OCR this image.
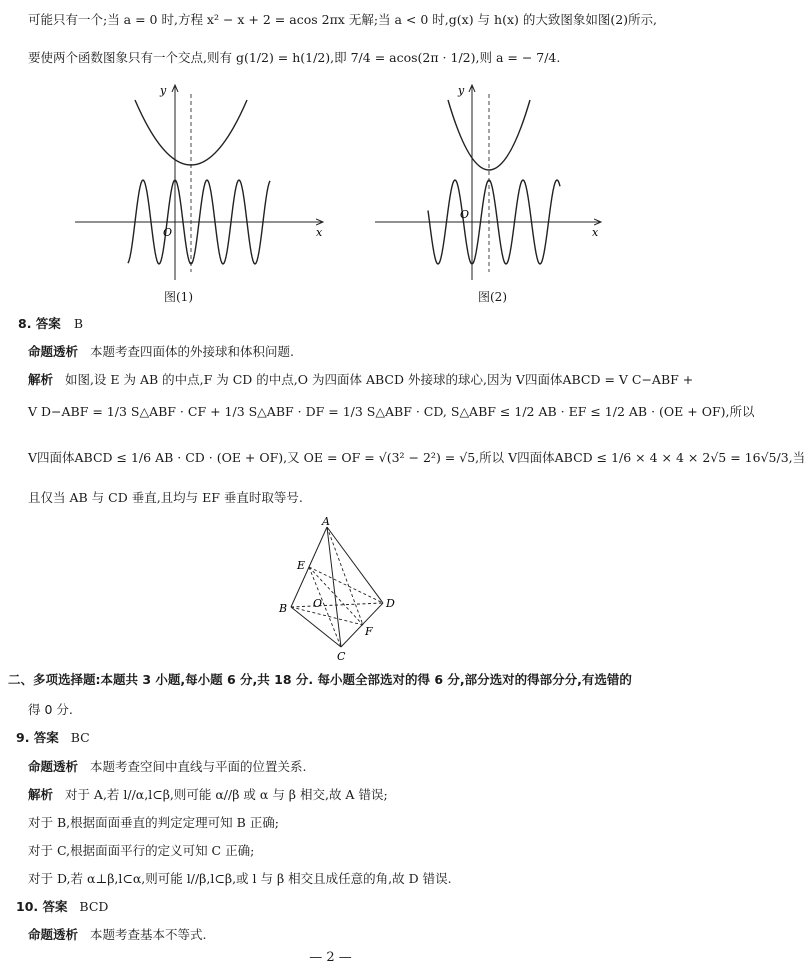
可能只有一个;当 a = 0 时,方程 x² − x + 2 = acos 2πx 无解;当 a < 0 时,g(x) 与 h(x) 的大致图象如图(2)所示,
要使两个函数图象只有一个交点,则有 g(1/2) = h(1/2),即 7/4 = acos(2π · 1/2),则 a = − 7/4.
y
x
O
图(1)
y
x
O
图(2)
8. 答案 B
命题透析 本题考查四面体的外接球和体积问题.
解析 如图,设 E 为 AB 的中点,F 为 CD 的中点,O 为四面体 ABCD 外接球的球心,因为 V四面体ABCD = V C−ABF +
V D−ABF = 1/3 S△ABF · CF + 1/3 S△ABF · DF = 1/3 S△ABF · CD, S△ABF ≤ 1/2 AB · EF ≤ 1/2 AB · (OE + OF),所以
V四面体ABCD ≤ 1/6 AB · CD · (OE + OF),又 OE = OF = √(3² − 2²) = √5,所以 V四面体ABCD ≤ 1/6 × 4 × 4 × 2√5 = 16√5/3,当
且仅当 AB 与 CD 垂直,且均与 EF 垂直时取等号.
A
B
C
D
E
F
O
二、多项选择题:本题共 3 小题,每小题 6 分,共 18 分. 每小题全部选对的得 6 分,部分选对的得部分分,有选错的
得 0 分.
9. 答案 BC
命题透析 本题考查空间中直线与平面的位置关系.
解析 对于 A,若 l//α,l⊂β,则可能 α//β 或 α 与 β 相交,故 A 错误;
对于 B,根据面面垂直的判定定理可知 B 正确;
对于 C,根据面面平行的定义可知 C 正确;
对于 D,若 α⊥β,l⊂α,则可能 l//β,l⊂β,或 l 与 β 相交且成任意的角,故 D 错误.
10. 答案 BCD
命题透析 本题考查基本不等式.
— 2 —
